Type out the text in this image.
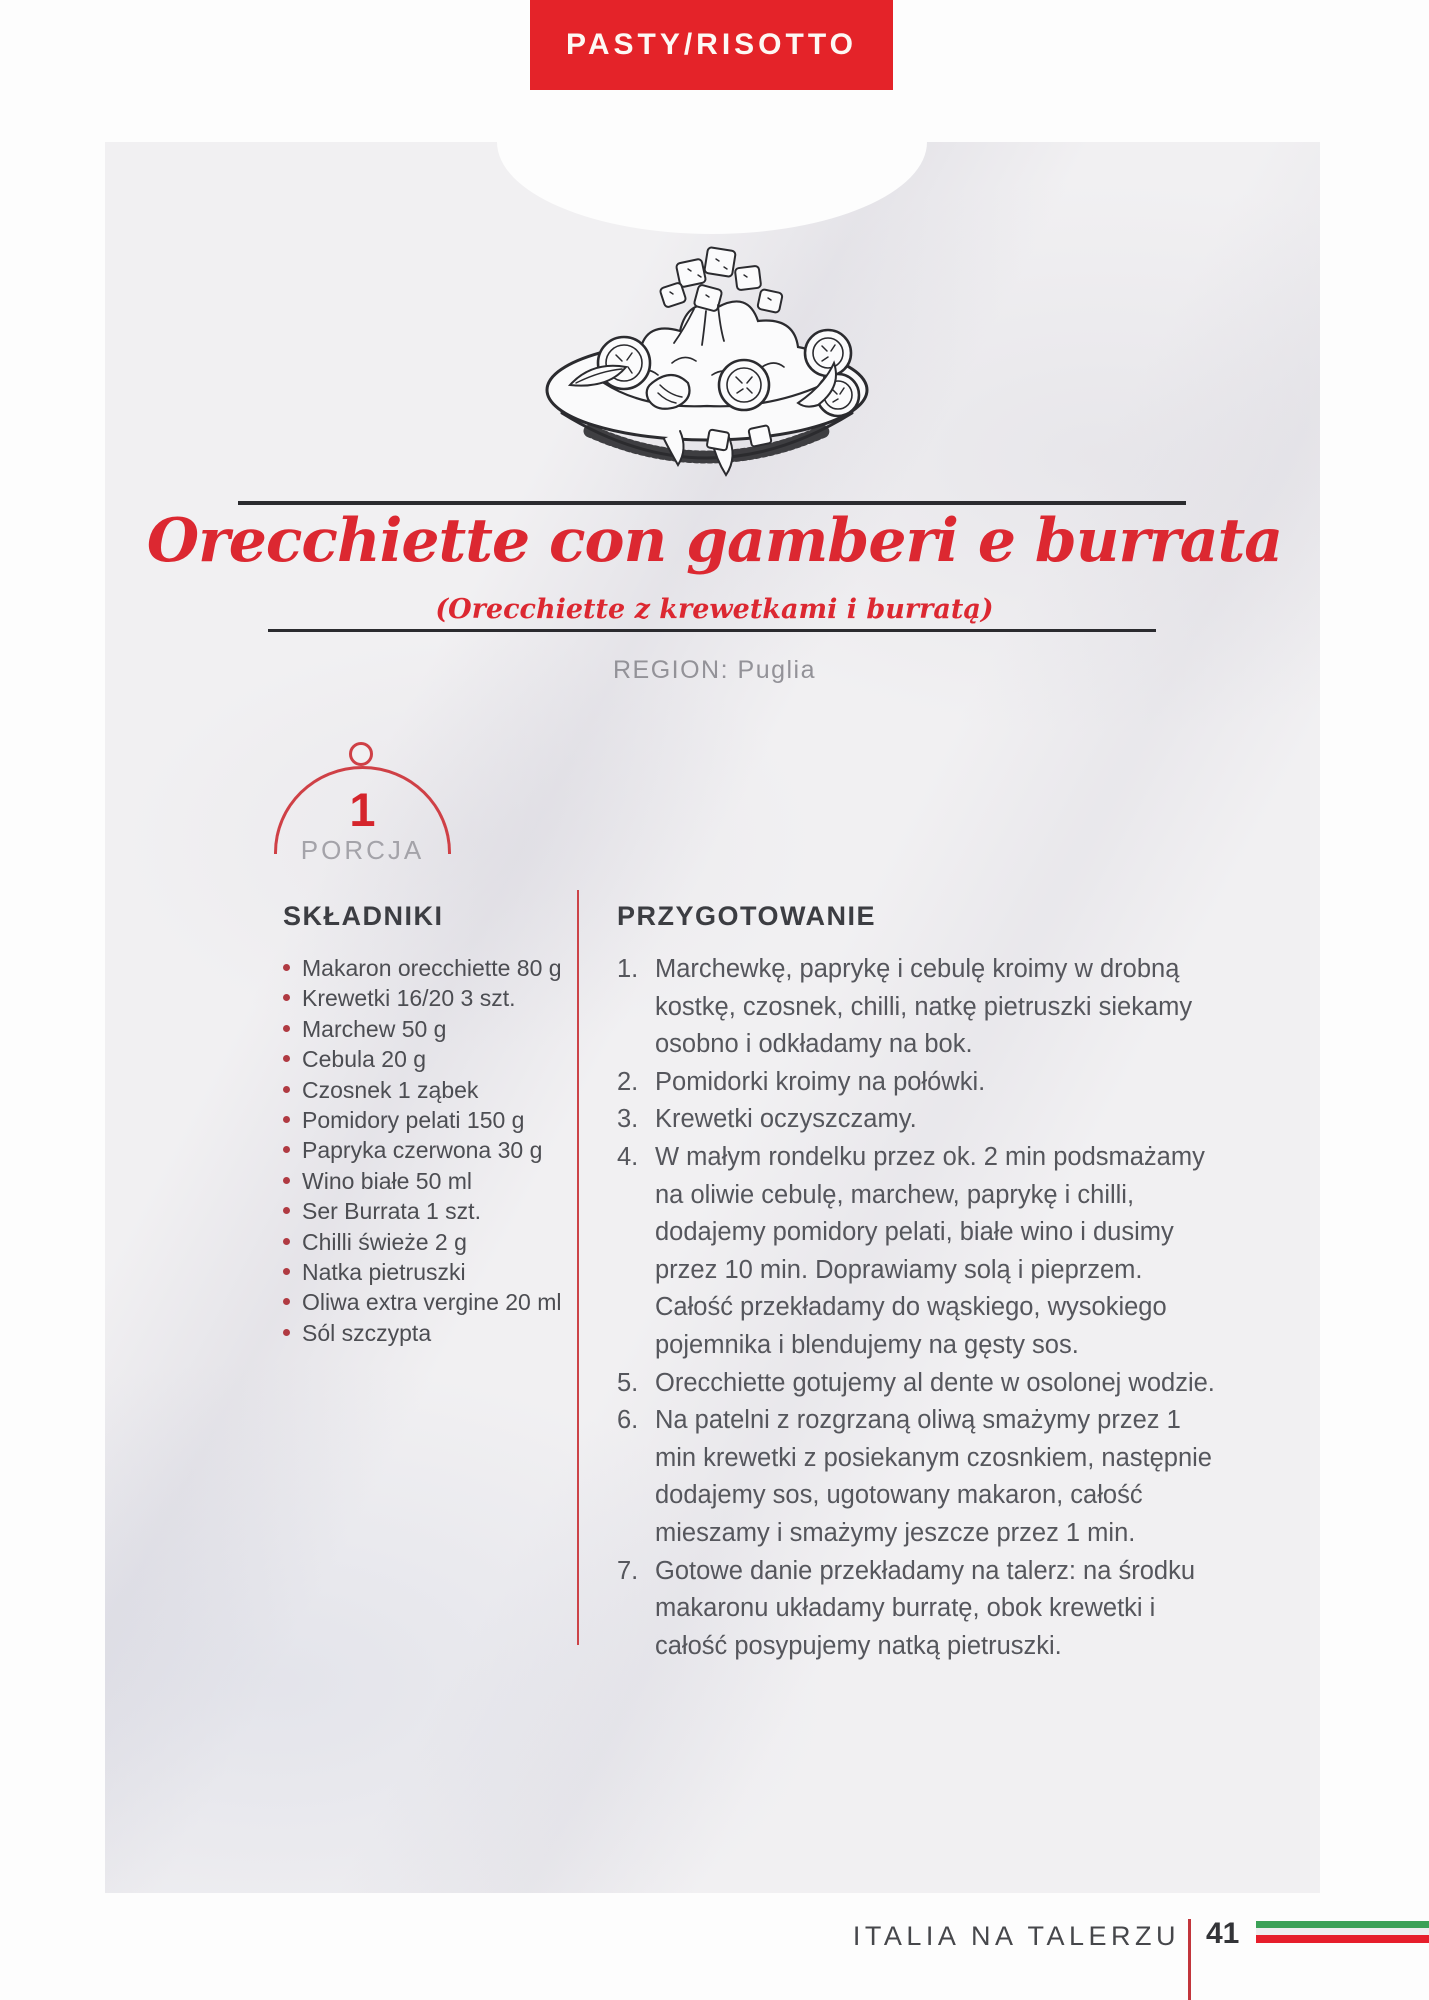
PASTY/RISOTTO
Orecchiette con gamberi e burrata
(Orecchiette z krewetkami i burratą)
REGION: Puglia
1
PORCJA
SKŁADNIKI	PRZYGOTOWANIE
Makaron orecchiette 80 g
Krewetki 16/20 3 szt.
Marchew 50 g
Cebula 20 g
Czosnek 1 ząbek
Pomidory pelati 150 g
Papryka czerwona 30 g
Wino białe 50 ml
Ser Burrata 1 szt.
Chilli świeże 2 g
Natka pietruszki
Oliwa extra vergine 20 ml
Sól szczypta
1. Marchewkę, paprykę i cebulę kroimy w drobną kostkę, czosnek, chilli, natkę pietruszki siekamy osobno i odkładamy na bok.
2. Pomidorki kroimy na połówki.
3. Krewetki oczyszczamy.
4. W małym rondelku przez ok. 2 min podsmażamy na oliwie cebulę, marchew, paprykę i chilli, dodajemy pomidory pelati, białe wino i dusimy przez 10 min. Doprawiamy solą i pieprzem. Całość przekładamy do wąskiego, wysokiego pojemnika i blendujemy na gęsty sos.
5. Orecchiette gotujemy al dente w osolonej wodzie.
6. Na patelni z rozgrzaną oliwą smażymy przez 1 min krewetki z posiekanym czosnkiem, następnie dodajemy sos, ugotowany makaron, całość mieszamy i smażymy jeszcze przez 1 min.
7. Gotowe danie przekładamy na talerz: na środku makaronu układamy burratę, obok krewetki i całość posypujemy natką pietruszki.
ITALIA NA TALERZU 41
